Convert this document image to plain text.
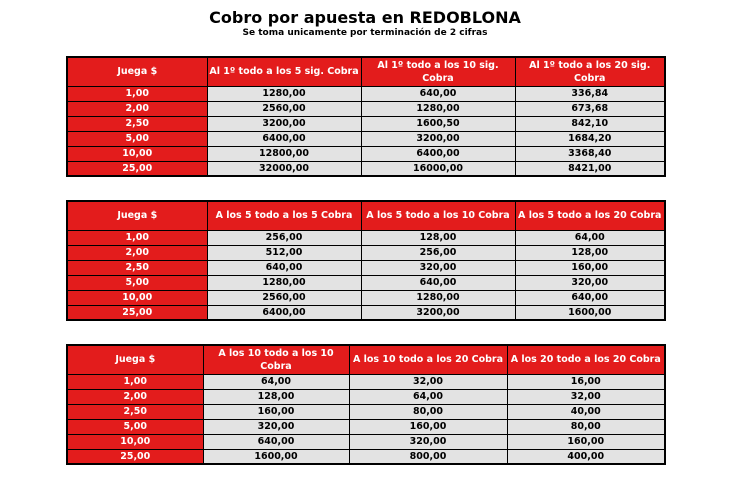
Cobro por apuesta en REDOBLONA
Se toma unicamente por terminación de 2 cifras
Juega $	Al 1º todo a los 5 sig. Cobra	Al 1º todo a los 10 sig. Cobra	Al 1º todo a los 20 sig. Cobra
1,00	1280,00	640,00	336,84
2,00	2560,00	1280,00	673,68
2,50	3200,00	1600,50	842,10
5,00	6400,00	3200,00	1684,20
10,00	12800,00	6400,00	3368,40
25,00	32000,00	16000,00	8421,00
Juega $	A los 5 todo a los 5 Cobra	A los 5 todo a los 10 Cobra	A los 5 todo a los 20 Cobra
1,00	256,00	128,00	64,00
2,00	512,00	256,00	128,00
2,50	640,00	320,00	160,00
5,00	1280,00	640,00	320,00
10,00	2560,00	1280,00	640,00
25,00	6400,00	3200,00	1600,00
Juega $	A los 10 todo a los 10 Cobra	A los 10 todo a los 20 Cobra	A los 20 todo a los 20 Cobra
1,00	64,00	32,00	16,00
2,00	128,00	64,00	32,00
2,50	160,00	80,00	40,00
5,00	320,00	160,00	80,00
10,00	640,00	320,00	160,00
25,00	1600,00	800,00	400,00
